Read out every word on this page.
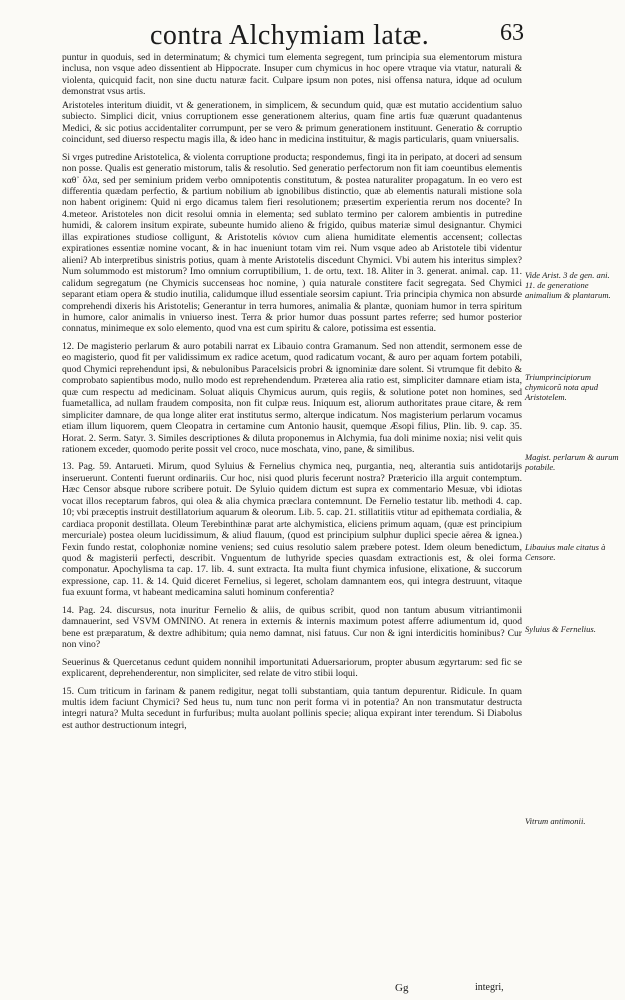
contra Alchymiam latæ.	63

puntur in quoduis, sed in determinatum; & chymici tum elementa segregent, tum principia sua elementorum mistura inclusa, non vsque adeo dissentient ab Hippocrate. Insuper cum chymicus in hoc opere vtraque via vtatur, naturali & violenta, quicquid facit, non sine ductu naturæ facit. Culpare ipsum non potes, nisi offensa natura, idque ad oculum demonstrat vsus artis.

Aristoteles interitum diuidit, vt & generationem, in simplicem, & secundum quid, quæ est mutatio accidentium saluo subiecto. Simplici dicit, vnius corruptionem esse generationem alterius, quam fine artis fuæ quærunt quadantenus Medici, & sic potius accidentaliter corrumpunt, per se vero & primum generationem instituunt. Generatio & corruptio coincidunt, sed diuerso respectu magis illa, & ideo hanc in medicina instituitur, & magis particularis, quam vniuersalis.

Si vrges putredine Aristotelica, & violenta corruptione producta; respondemus, fingi ita in peripato, at doceri ad sensum non posse. Qualis est generatio mistorum, talis & resolutio. Sed generatio perfectorum non fit iam coeuntibus elementis καθ᾽ ὅλα, sed per seminium pridem verbo omnipotentis constitutum, & postea naturaliter propagatum. In eo vero est differentia quædam perfectio, & partium nobilium ab ignobilibus distinctio, quæ ab elementis naturali mistione sola non habent originem: Quid ni ergo dicamus talem fieri resolutionem; præsertim experientia rerum nos docente? In 4.meteor. Aristoteles non dicit resolui omnia in elementa; sed sublato termino per calorem ambientis in putredine humidi, & calorem insitum expirate, subeunte humido alieno & frigido, quibus materiæ simul designantur. Chymici illas expirationes studiose colligunt, & Aristotelis κόνιον cum aliena humiditate elementis accensent; collectas expirationes essentiæ nomine vocant, & in hac inueniunt totam vim rei. Num vsque adeo ab Aristotele tibi videntur alieni? Ab interpretibus sinistris potius, quam à mente Aristotelis discedunt Chymici. Vbi autem his interitus simplex? Num solummodo est mistorum? Imo omnium corruptibilium, 1. de ortu, text. 18. Aliter in 3. generat. animal. cap. 11. calidum segregatum (ne Chymicis succenseas hoc nomine, ) quia naturale constitere facit segregata. Sed Chymici separant etiam opera & studio inutilia, calidumque illud essentiale seorsim capiunt. Tria principia chymica non absurde comprehendi dixeris his Aristotelis; Generantur in terra humores, animalia & plantæ, quoniam humor in terra spiritum in humore, calor animalis in vniuerso inest. Terra & prior humor duas possunt partes referre; sed humor posterior connatus, minimeque ex solo elemento, quod vna est cum spiritu & calore, potissima est essentia.

12. De magisterio perlarum & auro potabili narrat ex Libauio contra Gramanum. Sed non attendit, sermonem esse de eo magisterio, quod fit per validissimum ex radice acetum, quod radicatum vocant, & auro per aquam fortem potabili, quod Chymici reprehendunt ipsi, & nebulonibus Paracelsicis probri & ignominiæ dare solent. Si vtrumque fit debito & comprobato sapientibus modo, nullo modo est reprehendendum. Præterea alia ratio est, simpliciter damnare etiam ista, quæ cum respectu ad medicinam. Soluat aliquis Chymicus aurum, quis regiis, & solutione potet non homines, sed fuametallica, ad nullam fraudem composita, non fit culpæ reus. Iniquum est, aliorum authoritates praue citare, & rem simpliciter damnare, de qua longe aliter erat institutus sermo, alterque indicatum. Nos magisterium perlarum vocamus etiam illum liquorem, quem Cleopatra in certamine cum Antonio hausit, quemque Æsopi filius, Plin. lib. 9. cap. 35. Horat. 2. Serm. Satyr. 3. Similes descriptiones & diluta proponemus in Alchymia, fua doli minime noxia; nisi velit quis rationem exceder, quomodo perite possit vel croco, nuce moschata, vino, pane, & similibus.

13. Pag. 59. Antarueti. Mirum, quod Syluius & Fernelius chymica neq, purgantia, neq, alterantia suis antidotarijs inseruerunt. Contenti fuerunt ordinariis. Cur hoc, nisi quod pluris fecerunt nostra? Prætericio illa arguit contemptum. Hæc Censor absque rubore scribere potuit. De Syluio quidem dictum est supra ex commentario Mesuæ, vbi idiotas vocat illos receptarum fabros, qui olea & alia chymica præclara contemnunt. De Fernelio testatur lib. methodi 4. cap. 10; vbi præceptis instruit destillatorium aquarum & oleorum. Lib. 5. cap. 21. stillatitiis vtitur ad epithemata cordialia, & cardiaca proponit destillata. Oleum Terebinthinæ parat arte alchymistica, eliciens primum aquam, (quæ est principium mercuriale) postea oleum lucidissimum, & aliud flauum, (quod est principium sulphur duplici specie aërea & ignea.) Fexin fundo restat, colophoniæ nomine veniens; sed cuius resolutio salem præbere potest. Idem oleum benedictum, quod & magisterii perfecti, describit. Vnguentum de luthyride species quasdam extractionis est, & olei forma componatur. Apochylisma ta cap. 17. lib. 4. sunt extracta. Ita multa fiunt chymica infusione, elixatione, & succorum expressione, cap. 11. & 14. Quid diceret Fernelius, si legeret, scholam damnantem eos, qui integra destruunt, vitaque fua exuunt forma, vt habeant medicamina saluti hominum conferentia?

14. Pag. 24. discursus, nota inuritur Fernelio & aliis, de quibus scribit, quod non tantum abusum vitriantimonii damnauerint, sed VSVM OMNINO. At renera in externis & internis maximum potest afferre adiumentum id, quod bene est præparatum, & dextre adhibitum; quia nemo damnat, nisi fatuus. Cur non & igni interdicitis hominibus? Cur non vino?

Seuerinus & Quercetanus cedunt quidem nonnihil importunitati Aduersariorum, propter abusum ægyrtarum: sed fic se explicarent, deprehenderentur, non simpliciter, sed relate de vitro stibii loqui.

15. Cum triticum in farinam & panem redigitur, negat tolli substantiam, quia tantum depurentur. Ridicule. In quam multis idem faciunt Chymici? Sed heus tu, num tunc non perit forma vi in potentia? An non transmutatur destructa integri natura? Multa secedunt in furfuribus; multa auolant pollinis specie; aliqua expirant inter terendum. Si Diabolus est author destructionum integri,

Vide Arist. 3 de gen. ani. 11. de generatione animalium & plantarum.
Triumprincipiorum chymicorũ nota apud Aristotelem.
Magist. perlarum & aurum potabile.
Libauius male citatus à Censore.
Syluius & Fernelius.
Vitrum antimonii.
Gg	integri,
